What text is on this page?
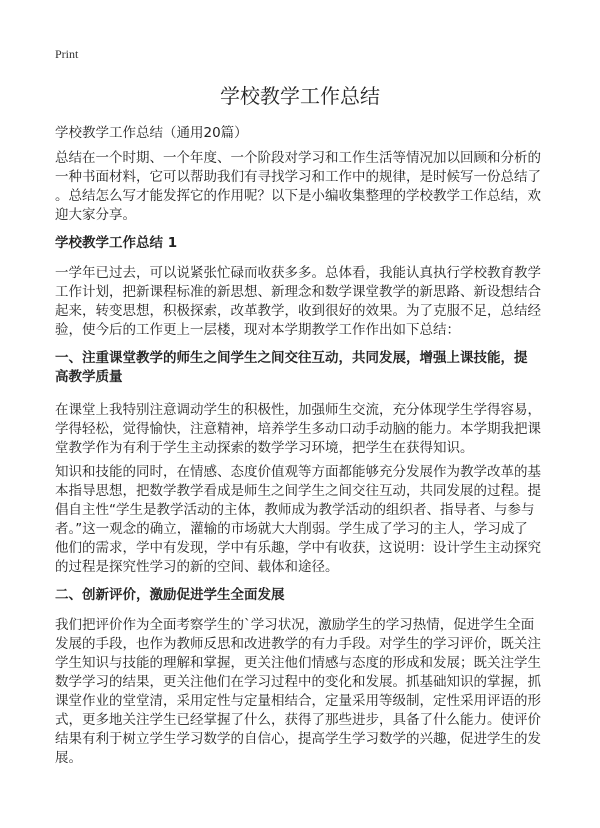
Print
学校教学工作总结
学校教学工作总结（通用20篇）
总结在一个时期、一个年度、一个阶段对学习和工作生活等情况加以回顾和分析的
一种书面材料，它可以帮助我们有寻找学习和工作中的规律，是时候写一份总结了
。总结怎么写才能发挥它的作用呢？以下是小编收集整理的学校教学工作总结，欢
迎大家分享。
学校教学工作总结 1
一学年已过去，可以说紧张忙碌而收获多多。总体看，我能认真执行学校教育教学
工作计划，把新课程标准的新思想、新理念和数学课堂教学的新思路、新设想结合
起来，转变思想，积极探索，改革教学，收到很好的效果。为了克服不足，总结经
验，使今后的工作更上一层楼，现对本学期教学工作作出如下总结：
一、注重课堂教学的师生之间学生之间交往互动，共同发展，增强上课技能，提
高教学质量
在课堂上我特别注意调动学生的积极性，加强师生交流，充分体现学生学得容易，
学得轻松，觉得愉快，注意精神，培养学生多动口动手动脑的能力。本学期我把课
堂教学作为有利于学生主动探索的数学学习环境，把学生在获得知识。
知识和技能的同时，在情感、态度价值观等方面都能够充分发展作为教学改革的基
本指导思想，把数学教学看成是师生之间学生之间交往互动，共同发展的过程。提
倡自主性“学生是教学活动的主体，教师成为教学活动的组织者、指导者、与参与
者。”这一观念的确立，灌输的市场就大大削弱。学生成了学习的主人，学习成了
他们的需求，学中有发现，学中有乐趣，学中有收获，这说明：设计学生主动探究
的过程是探究性学习的新的空间、载体和途径。
二、创新评价，激励促进学生全面发展
我们把评价作为全面考察学生的`学习状况，激励学生的学习热情，促进学生全面
发展的手段，也作为教师反思和改进教学的有力手段。对学生的学习评价，既关注
学生知识与技能的理解和掌握，更关注他们情感与态度的形成和发展；既关注学生
数学学习的结果，更关注他们在学习过程中的变化和发展。抓基础知识的掌握，抓
课堂作业的堂堂清，采用定性与定量相结合，定量采用等级制，定性采用评语的形
式，更多地关注学生已经掌握了什么，获得了那些进步，具备了什么能力。使评价
结果有利于树立学生学习数学的自信心，提高学生学习数学的兴趣，促进学生的发
展。
